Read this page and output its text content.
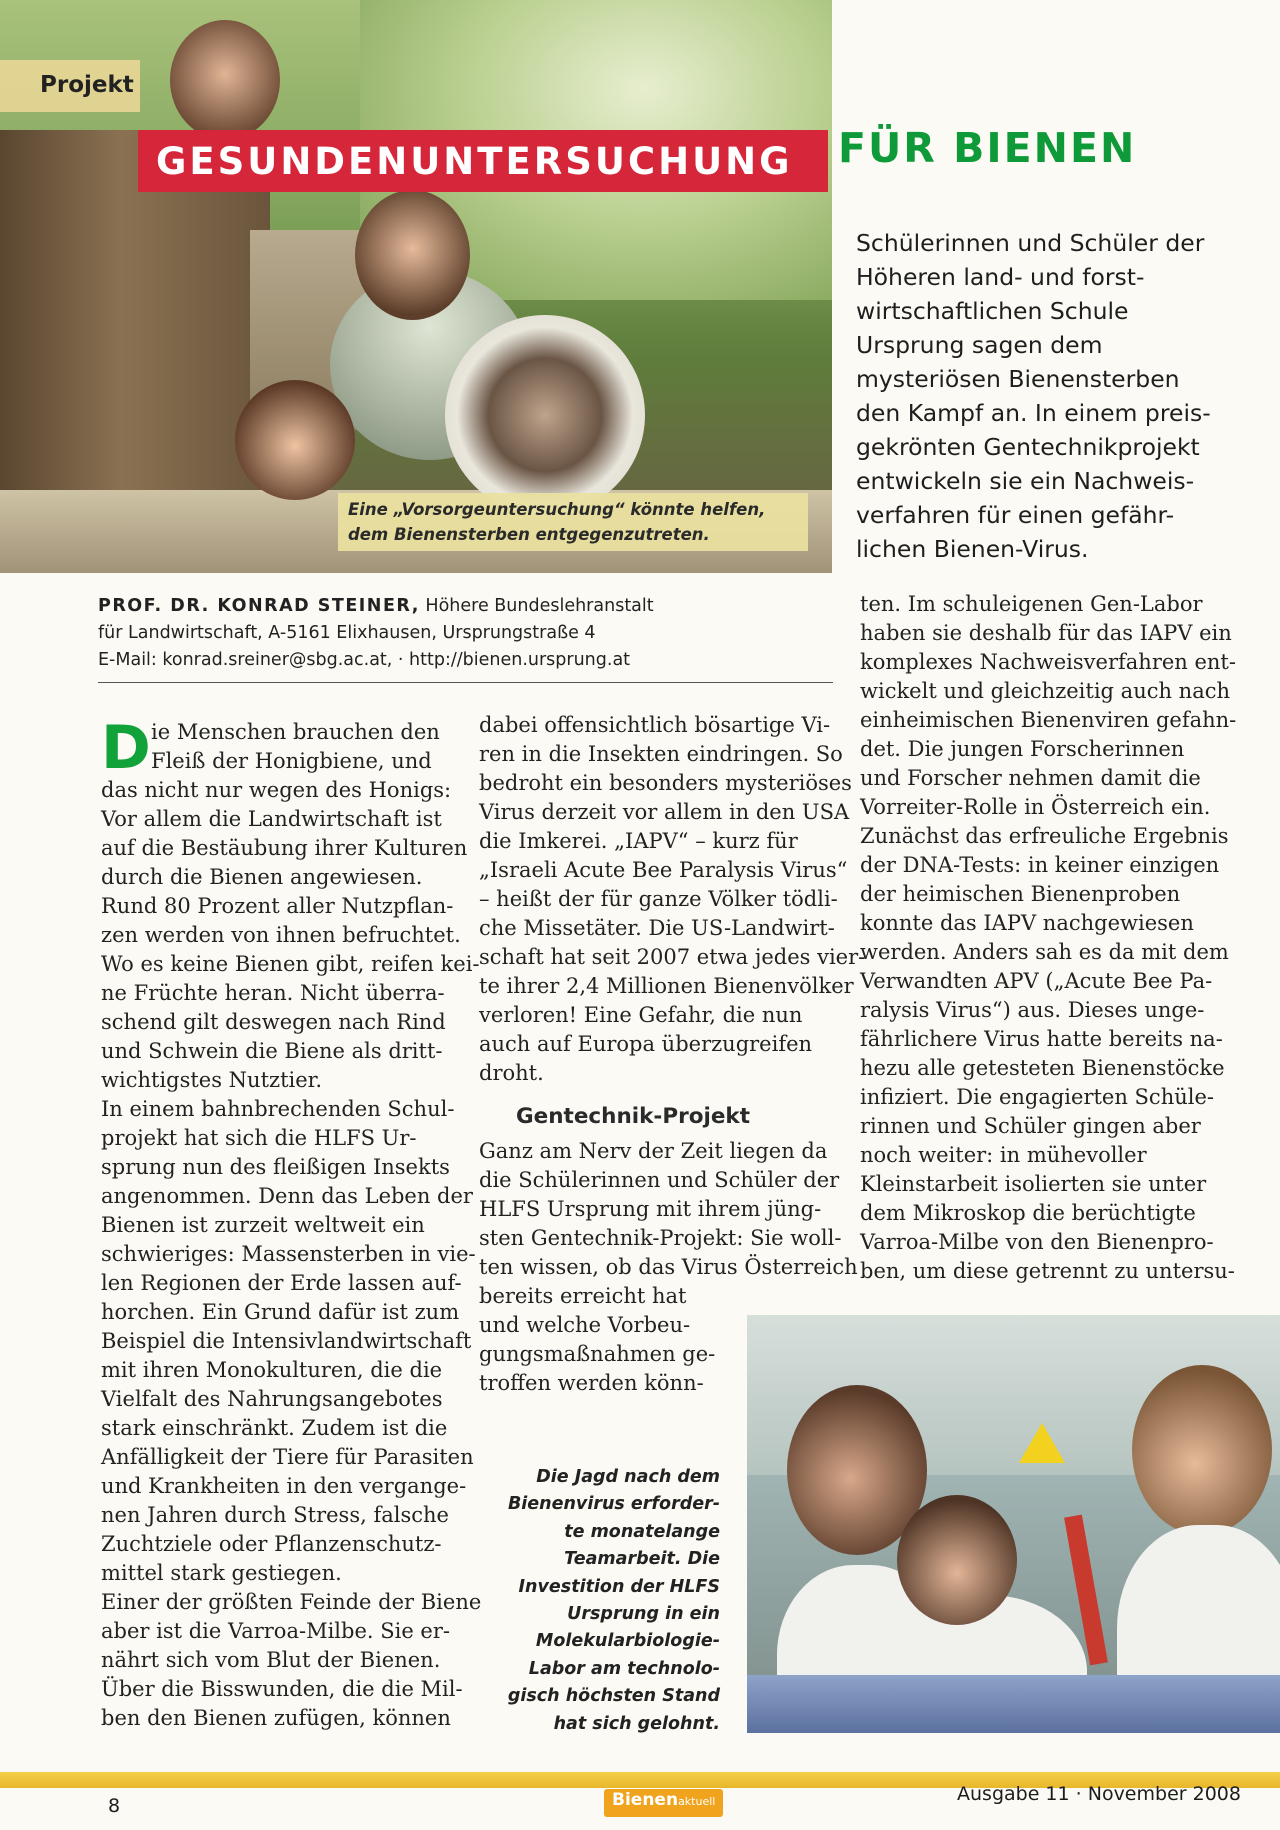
Projekt
GESUNDENUNTERSUCHUNG	FÜR BIENEN

Eine „Vorsorgeuntersuchung“ könnte helfen,

dem Bienensterben entgegenzutreten.

Schülerinnen und Schüler der

Höheren land- und forst-

wirtschaftlichen Schule

Ursprung sagen dem

mysteriösen Bienensterben

den Kampf an. In einem preis-

gekrönten Gentechnikprojekt

entwickeln sie ein Nachweis-

verfahren für einen gefähr-

lichen Bienen-Virus.

PROF. DR. KONRAD STEINER, Höhere Bundeslehranstalt

für Landwirtschaft, A-5161 Elixhausen, Ursprungstraße 4

E-Mail: konrad.sreiner@sbg.ac.at, · http://bienen.ursprung.at

D ie Menschen brauchen den

Fleiß der Honigbiene, und

das nicht nur wegen des Honigs:

Vor allem die Landwirtschaft ist

auf die Bestäubung ihrer Kulturen

durch die Bienen angewiesen.

Rund 80 Prozent aller Nutzpflan-

zen werden von ihnen befruchtet.

Wo es keine Bienen gibt, reifen kei-

ne Früchte heran. Nicht überra-

schend gilt deswegen nach Rind

und Schwein die Biene als dritt-

wichtigstes Nutztier.

In einem bahnbrechenden Schul-

projekt hat sich die HLFS Ur-

sprung nun des fleißigen Insekts

angenommen. Denn das Leben der

Bienen ist zurzeit weltweit ein

schwieriges: Massensterben in vie-

len Regionen der Erde lassen auf-

horchen. Ein Grund dafür ist zum

Beispiel die Intensivlandwirtschaft

mit ihren Monokulturen, die die

Vielfalt des Nahrungsangebotes

stark einschränkt. Zudem ist die

Anfälligkeit der Tiere für Parasiten

und Krankheiten in den vergange-

nen Jahren durch Stress, falsche

Zuchtziele oder Pflanzenschutz-

mittel stark gestiegen.

Einer der größten Feinde der Biene

aber ist die Varroa-Milbe. Sie er-

nährt sich vom Blut der Bienen.

Über die Bisswunden, die die Mil-

ben den Bienen zufügen, können

dabei offensichtlich bösartige Vi-

ren in die Insekten eindringen. So

bedroht ein besonders mysteriöses

Virus derzeit vor allem in den USA

die Imkerei. „IAPV“ – kurz für

„Israeli Acute Bee Paralysis Virus“

– heißt der für ganze Völker tödli-

che Missetäter. Die US-Landwirt-

schaft hat seit 2007 etwa jedes vier-

te ihrer 2,4 Millionen Bienenvölker

verloren! Eine Gefahr, die nun

auch auf Europa überzugreifen

droht.

Gentechnik-Projekt

Ganz am Nerv der Zeit liegen da

die Schülerinnen und Schüler der

HLFS Ursprung mit ihrem jüng-

sten Gentechnik-Projekt: Sie woll-

ten wissen, ob das Virus Österreich

bereits erreicht hat

und welche Vorbeu-

gungsmaßnahmen ge-

troffen werden könn-

ten. Im schuleigenen Gen-Labor

haben sie deshalb für das IAPV ein

komplexes Nachweisverfahren ent-

wickelt und gleichzeitig auch nach

einheimischen Bienenviren gefahn-

det. Die jungen Forscherinnen

und Forscher nehmen damit die

Vorreiter-Rolle in Österreich ein.

Zunächst das erfreuliche Ergebnis

der DNA-Tests: in keiner einzigen

der heimischen Bienenproben

konnte das IAPV nachgewiesen

werden. Anders sah es da mit dem

Verwandten APV („Acute Bee Pa-

ralysis Virus“) aus. Dieses unge-

fährlichere Virus hatte bereits na-

hezu alle getesteten Bienenstöcke

infiziert. Die engagierten Schüle-

rinnen und Schüler gingen aber

noch weiter: in mühevoller

Kleinstarbeit isolierten sie unter

dem Mikroskop die berüchtigte

Varroa-Milbe von den Bienenpro-

ben, um diese getrennt zu untersu-

Die Jagd nach dem

Bienenvirus erforder-

te monatelange

Teamarbeit. Die

Investition der HLFS

Ursprung in ein

Molekularbiologie-

Labor am technolo-

gisch höchsten Stand

hat sich gelohnt.

8	Bienenaktuell	Ausgabe 11 · November 2008
